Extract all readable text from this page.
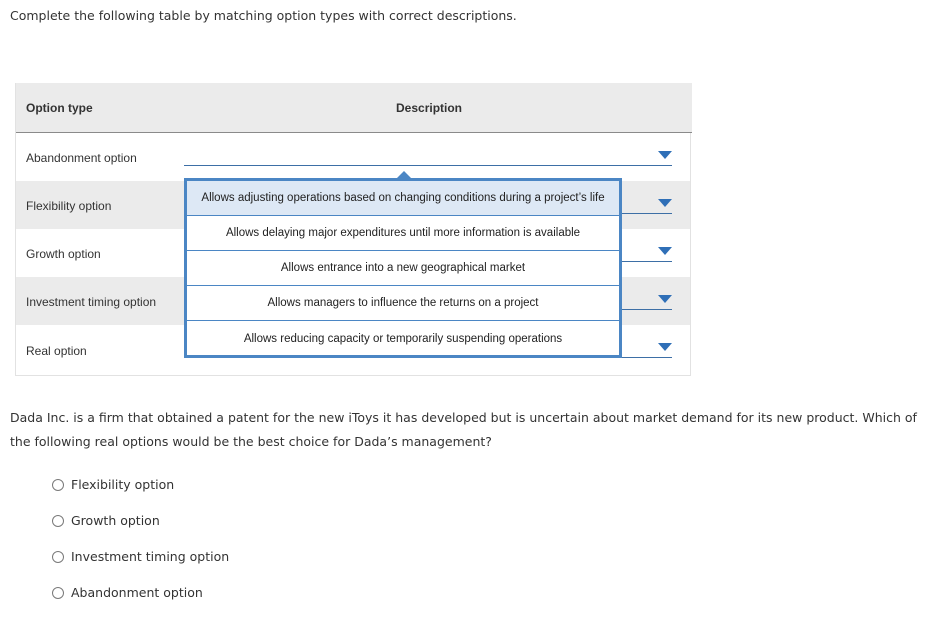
Complete the following table by matching option types with correct descriptions.
Option type	Description
Abandonment option
Flexibility option
Growth option
Investment timing option
Real option
Allows adjusting operations based on changing conditions during a project’s life
Allows delaying major expenditures until more information is available
Allows entrance into a new geographical market
Allows managers to influence the returns on a project
Allows reducing capacity or temporarily suspending operations
Dada Inc. is a firm that obtained a patent for the new iToys it has developed but is uncertain about market demand for its new product. Which of the following real options would be the best choice for Dada’s management?
Flexibility option
Growth option
Investment timing option
Abandonment option
